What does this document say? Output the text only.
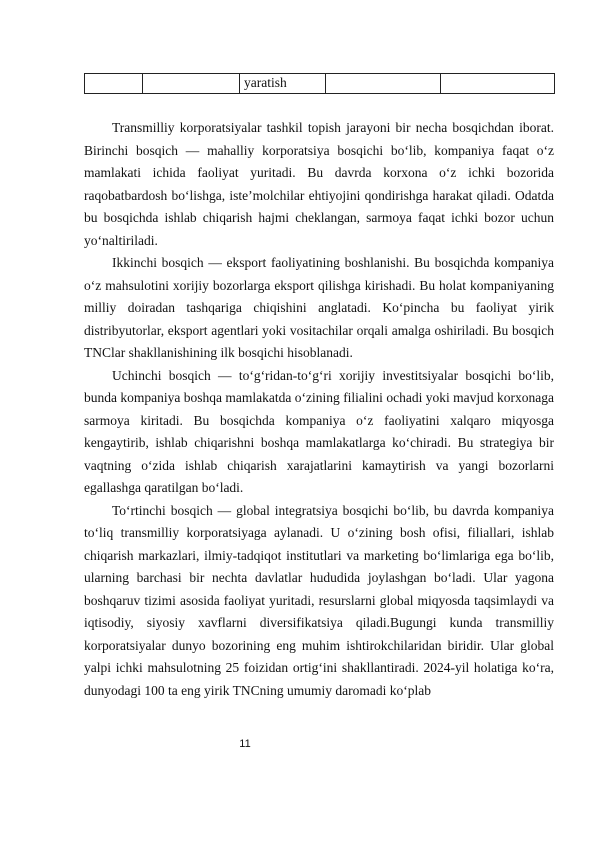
		yaratish		

Transmilliy korporatsiyalar tashkil topish jarayoni bir necha bosqichdan iborat. Birinchi bosqich — mahalliy korporatsiya bosqichi bo‘lib, kompaniya faqat o‘z mamlakati ichida faoliyat yuritadi. Bu davrda korxona o‘z ichki bozorida raqobatbardosh bo‘lishga, iste’molchilar ehtiyojini qondirishga harakat qiladi. Odatda bu bosqichda ishlab chiqarish hajmi cheklangan, sarmoya faqat ichki bozor uchun yo‘naltiriladi.

Ikkinchi bosqich — eksport faoliyatining boshlanishi. Bu bosqichda kompaniya o‘z mahsulotini xorijiy bozorlarga eksport qilishga kirishadi. Bu holat kompaniyaning milliy doiradan tashqariga chiqishini anglatadi. Ko‘pincha bu faoliyat yirik distribyutorlar, eksport agentlari yoki vositachilar orqali amalga oshiriladi. Bu bosqich TNClar shakllanishining ilk bosqichi hisoblanadi.

Uchinchi bosqich — to‘g‘ridan-to‘g‘ri xorijiy investitsiyalar bosqichi bo‘lib, bunda kompaniya boshqa mamlakatda o‘zining filialini ochadi yoki mavjud korxonaga sarmoya kiritadi. Bu bosqichda kompaniya o‘z faoliyatini xalqaro miqyosga kengaytirib, ishlab chiqarishni boshqa mamlakatlarga ko‘chiradi. Bu strategiya bir vaqtning o‘zida ishlab chiqarish xarajatlarini kamaytirish va yangi bozorlarni egallashga qaratilgan bo‘ladi.

To‘rtinchi bosqich — global integratsiya bosqichi bo‘lib, bu davrda kompaniya to‘liq transmilliy korporatsiyaga aylanadi. U o‘zining bosh ofisi, filiallari, ishlab chiqarish markazlari, ilmiy-tadqiqot institutlari va marketing bo‘limlariga ega bo‘lib, ularning barchasi bir nechta davlatlar hududida joylashgan bo‘ladi. Ular yagona boshqaruv tizimi asosida faoliyat yuritadi, resurslarni global miqyosda taqsimlaydi va iqtisodiy, siyosiy xavflarni diversifikatsiya qiladi.Bugungi kunda transmilliy korporatsiyalar dunyo bozorining eng muhim ishtirokchilaridan biridir. Ular global yalpi ichki mahsulotning 25 foizidan ortig‘ini shakllantiradi. 2024-yil holatiga ko‘ra, dunyodagi 100 ta eng yirik TNCning umumiy daromadi ko‘plab

11
